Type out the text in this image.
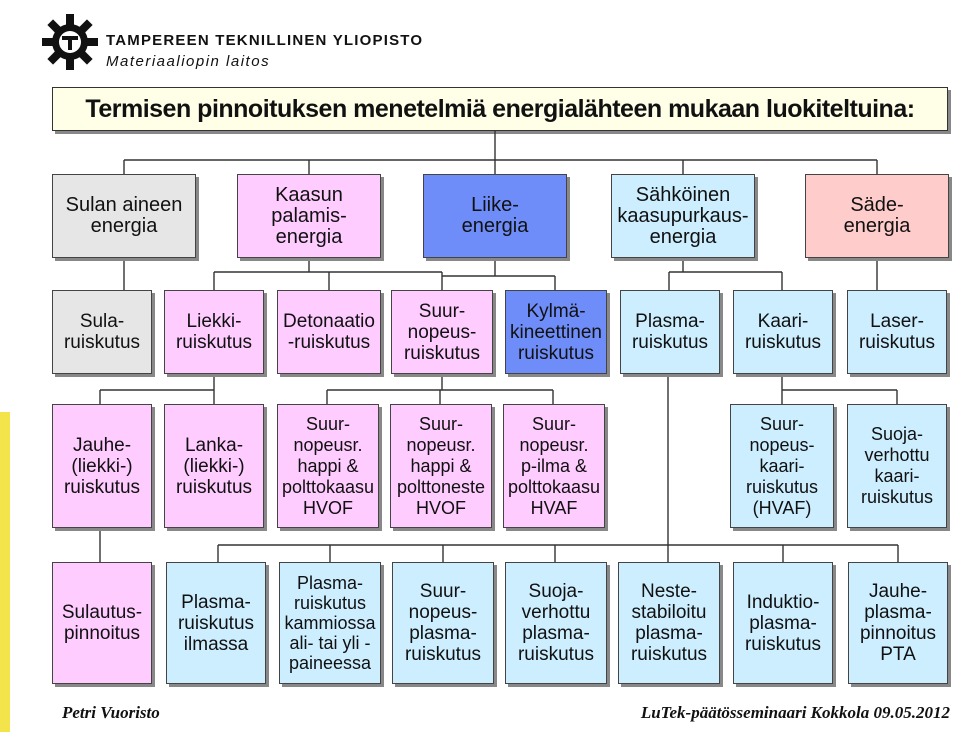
TAMPEREEN TEKNILLINEN YLIOPISTO
Materiaaliopin laitos
Termisen pinnoituksen menetelmiä energialähteen mukaan luokiteltuina:
Sulan aineen
energia
Kaasun
palamis-
energia
Liike-
energia
Sähköinen
kaasupurkaus-
energia
Säde-
energia
Sula-
ruiskutus
Liekki-
ruiskutus
Detonaatio
-ruiskutus
Suur-
nopeus-
ruiskutus
Kylmä-
kineettinen
ruiskutus
Plasma-
ruiskutus
Kaari-
ruiskutus
Laser-
ruiskutus
Jauhe-
(liekki-)
ruiskutus
Lanka-
(liekki-)
ruiskutus
Suur-
nopeusr.
happi &
polttokaasu
HVOF
Suur-
nopeusr.
happi &
polttoneste
HVOF
Suur-
nopeusr.
p-ilma &
polttokaasu
HVAF
Suur-
nopeus-
kaari-
ruiskutus
(HVAF)
Suoja-
verhottu
kaari-
ruiskutus
Sulautus-
pinnoitus
Plasma-
ruiskutus
ilmassa
Plasma-
ruiskutus
kammiossa
ali- tai yli -
paineessa
Suur-
nopeus-
plasma-
ruiskutus
Suoja-
verhottu
plasma-
ruiskutus
Neste-
stabiloitu
plasma-
ruiskutus
Induktio-
plasma-
ruiskutus
Jauhe-
plasma-
pinnoitus
PTA
Petri Vuoristo	LuTek-päätösseminaari Kokkola 09.05.2012
